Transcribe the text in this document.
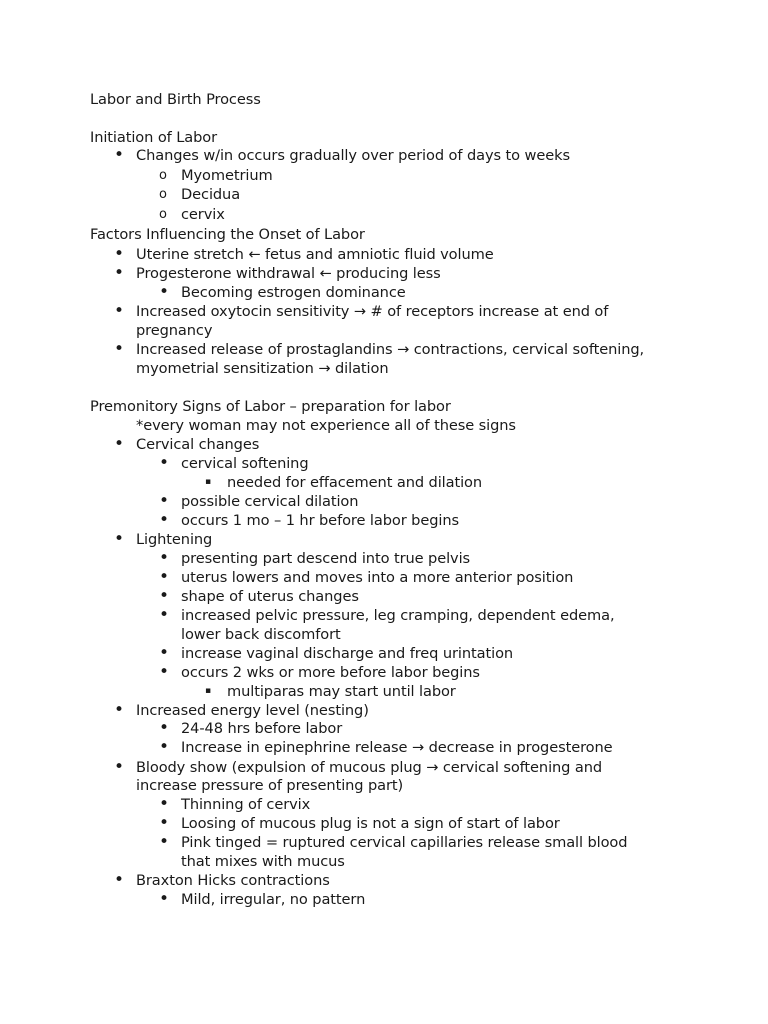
Labor and Birth Process
Initiation of Labor
• Changes w/in occurs gradually over period of days to weeks
o Myometrium
o Decidua
o cervix
Factors Influencing the Onset of Labor
• Uterine stretch ← fetus and amniotic fluid volume
• Progesterone withdrawal ← producing less
• Becoming estrogen dominance
• Increased oxytocin sensitivity → # of receptors increase at end of
pregnancy
• Increased release of prostaglandins → contractions, cervical softening,
myometrial sensitization → dilation
Premonitory Signs of Labor – preparation for labor
*every woman may not experience all of these signs
• Cervical changes
• cervical softening
▪ needed for effacement and dilation
• possible cervical dilation
• occurs 1 mo – 1 hr before labor begins
• Lightening
• presenting part descend into true pelvis
• uterus lowers and moves into a more anterior position
• shape of uterus changes
• increased pelvic pressure, leg cramping, dependent edema,
lower back discomfort
• increase vaginal discharge and freq urintation
• occurs 2 wks or more before labor begins
▪ multiparas may start until labor
• Increased energy level (nesting)
• 24-48 hrs before labor
• Increase in epinephrine release → decrease in progesterone
• Bloody show (expulsion of mucous plug → cervical softening and
increase pressure of presenting part)
• Thinning of cervix
• Loosing of mucous plug is not a sign of start of labor
• Pink tinged = ruptured cervical capillaries release small blood
that mixes with mucus
• Braxton Hicks contractions
• Mild, irregular, no pattern
